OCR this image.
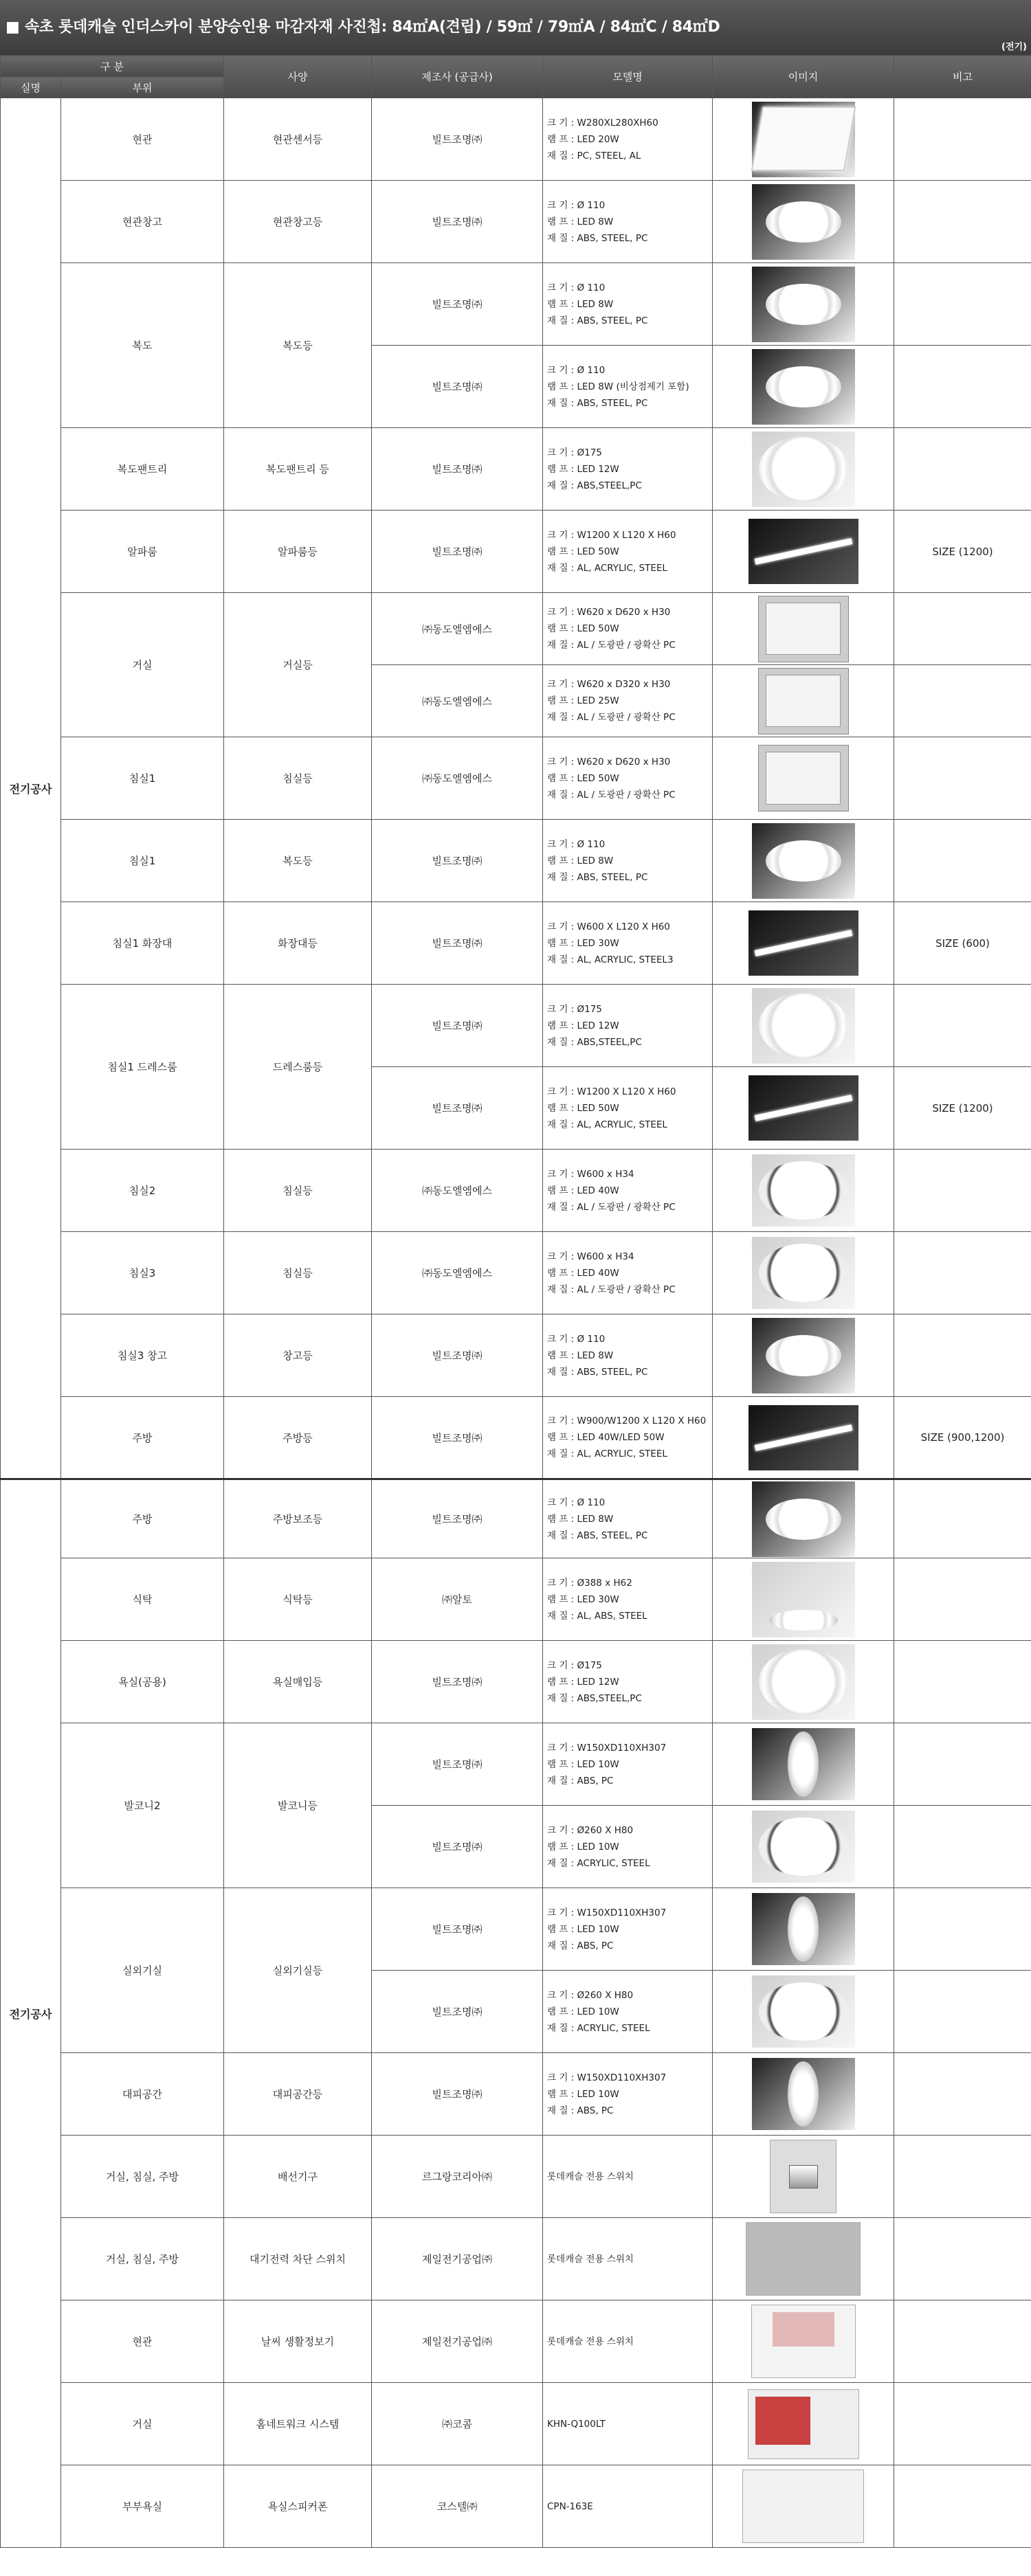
■ 속초 롯데캐슬 인더스카이 분양승인용 마감자재 사진첩: 84㎡A(견립) / 59㎡ / 79㎡A / 84㎡C / 84㎡D
(전기)
구 분		사양	제조사 (공급사)	모델명	이미지	비고
실명	부위					
전기공사	현관	현관센서등	빌트조명㈜	크 기 : W280XL280XH60
램 프 : LED 20W
재 질 : PC, STEEL, AL		

	현관창고	현관창고등	빌트조명㈜	크 기 : Ø 110
램 프 : LED 8W
재 질 : ABS, STEEL, PC		

	복도	복도등	빌트조명㈜	크 기 : Ø 110
램 프 : LED 8W
재 질 : ABS, STEEL, PC		

			빌트조명㈜	크 기 : Ø 110
램 프 : LED 8W (비상점제기 포함)
재 질 : ABS, STEEL, PC		

	복도팬트리	복도팬트리 등	빌트조명㈜	크 기 : Ø175
램 프 : LED 12W
재 질 : ABS,STEEL,PC		

	알파룸	알파룸등	빌트조명㈜	크 기 : W1200 X L120 X H60
램 프 : LED 50W
재 질 : AL, ACRYLIC, STEEL		SIZE (1200)
	거실	거실등	㈜동도엘엠에스	크 기 : W620 x D620 x H30
램 프 : LED 50W
재 질 : AL / 도광판 / 광확산 PC		

			㈜동도엘엠에스	크 기 : W620 x D320 x H30
램 프 : LED 25W
재 질 : AL / 도광판 / 광확산 PC		

	침실1	침실등	㈜동도엘엠에스	크 기 : W620 x D620 x H30
램 프 : LED 50W
재 질 : AL / 도광판 / 광확산 PC		

	침실1	복도등	빌트조명㈜	크 기 : Ø 110
램 프 : LED 8W
재 질 : ABS, STEEL, PC		

	침실1 화장대	화장대등	빌트조명㈜	크 기 : W600 X L120 X H60
램 프 : LED 30W
재 질 : AL, ACRYLIC, STEEL3		SIZE (600)
	침실1 드레스룸	드레스룸등	빌트조명㈜	크 기 : Ø175
램 프 : LED 12W
재 질 : ABS,STEEL,PC		

			빌트조명㈜	크 기 : W1200 X L120 X H60
램 프 : LED 50W
재 질 : AL, ACRYLIC, STEEL		SIZE (1200)
	침실2	침실등	㈜동도엘엠에스	크 기 : W600 x H34
램 프 : LED 40W
재 질 : AL / 도광판 / 광확산 PC		

	침실3	침실등	㈜동도엘엠에스	크 기 : W600 x H34
램 프 : LED 40W
재 질 : AL / 도광판 / 광확산 PC		

	침실3 창고	창고등	빌트조명㈜	크 기 : Ø 110
램 프 : LED 8W
재 질 : ABS, STEEL, PC		

	주방	주방등	빌트조명㈜	크 기 : W900/W1200 X L120 X H60
램 프 : LED 40W/LED 50W
재 질 : AL, ACRYLIC, STEEL		SIZE (900,1200)
전기공사	주방	주방보조등	빌트조명㈜	크 기 : Ø 110
램 프 : LED 8W
재 질 : ABS, STEEL, PC		

	식탁	식탁등	㈜알토	크 기 : Ø388 x H62
램 프 : LED 30W
재 질 : AL, ABS, STEEL		

	욕실(공용)	욕실매입등	빌트조명㈜	크 기 : Ø175
램 프 : LED 12W
재 질 : ABS,STEEL,PC		

	발코니2	발코니등	빌트조명㈜	크 기 : W150XD110XH307
램 프 : LED 10W
재 질 : ABS, PC		

			빌트조명㈜	크 기 : Ø260 X H80
램 프 : LED 10W
재 질 : ACRYLIC, STEEL		

	실외기실	실외기실등	빌트조명㈜	크 기 : W150XD110XH307
램 프 : LED 10W
재 질 : ABS, PC		

			빌트조명㈜	크 기 : Ø260 X H80
램 프 : LED 10W
재 질 : ACRYLIC, STEEL		

	대피공간	대피공간등	빌트조명㈜	크 기 : W150XD110XH307
램 프 : LED 10W
재 질 : ABS, PC		

	거실, 침실, 주방	배선기구	르그랑코리아㈜	롯데캐슬 전용 스위치		

	거실, 침실, 주방	대기전력 차단 스위치	제일전기공업㈜	롯데캐슬 전용 스위치		

	현관	날씨 생활정보기	제일전기공업㈜	롯데캐슬 전용 스위치		

	거실	홈네트워크 시스템	㈜코콤	KHN-Q100LT		

	부부욕실	욕실스피커폰	코스텔㈜	CPN-163E		
